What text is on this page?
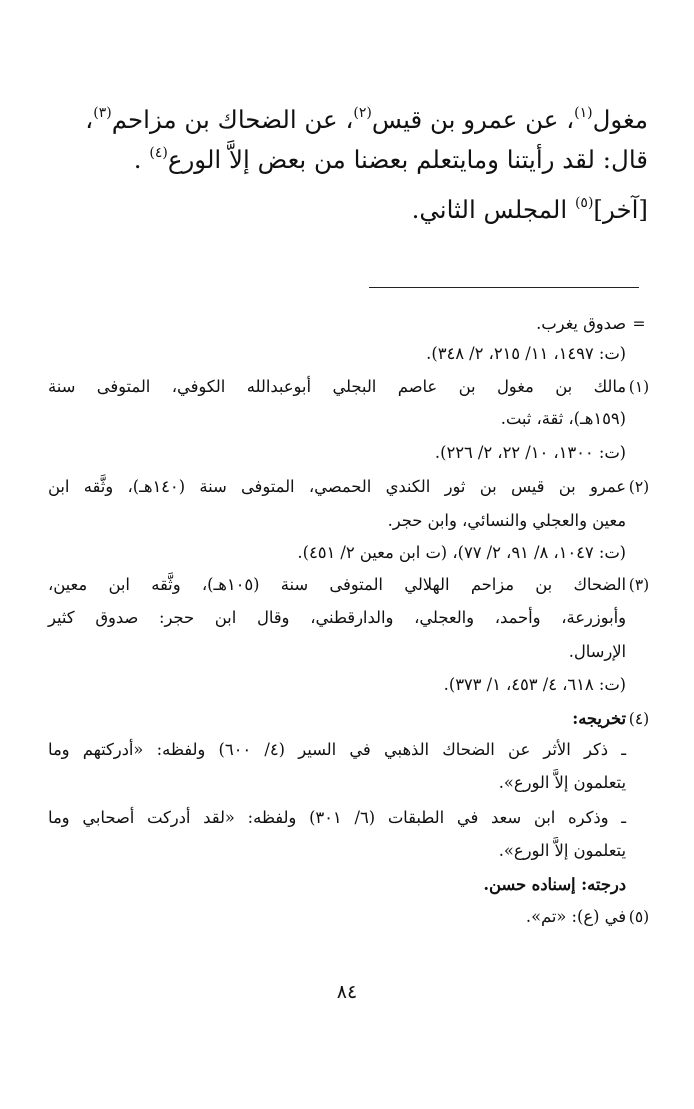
مغول$^{(١)}$، عن عمرو بن قيس$^{(٢)}$، عن الضحاك بن مزاحم$^{(٣)}$،
قال: لقد رأيتنا ومايتعلم بعضنا من بعض إلاَّ الورع$^{(٤)}$ .
[آخر]$^{(٥)}$ المجلس الثاني.
=
صدوق يغرب.
(ت: ١٤٩٧، ١١/ ٢١٥، ٢/ ٣٤٨).
(١)
مالك بن مغول بن عاصم البجلي أبوعبدالله الكوفي، المتوفى سنة
(١٥٩هـ)، ثقة، ثبت.
(ت: ١٣٠٠، ١٠/ ٢٢، ٢/ ٢٢٦).
(٢)
عمرو بن قيس بن ثور الكندي الحمصي، المتوفى سنة (١٤٠هـ)، وثَّقه ابن
معين والعجلي والنسائي، وابن حجر.
(ت: ١٠٤٧، ٨/ ٩١، ٢/ ٧٧)، (ت ابن معين ٢/ ٤٥١).
(٣)
الضحاك بن مزاحم الهلالي المتوفى سنة (١٠٥هـ)، وثَّقه ابن معين،
وأبوزرعة، وأحمد، والعجلي، والدارقطني، وقال ابن حجر: صدوق كثير
الإرسال.
(ت: ٦١٨، ٤/ ٤٥٣، ١/ ٣٧٣).
(٤)
تخريجه:
ـ ذكر الأثر عن الضحاك الذهبي في السير (٤/ ٦٠٠) ولفظه: «أدركتهم وما
يتعلمون إلاَّ الورع».
ـ وذكره ابن سعد في الطبقات (٦/ ٣٠١) ولفظه: «لقد أدركت أصحابي وما
يتعلمون إلاَّ الورع».
درجته: إسناده حسن.
(٥)
في (ع): «تم».
٨٤
